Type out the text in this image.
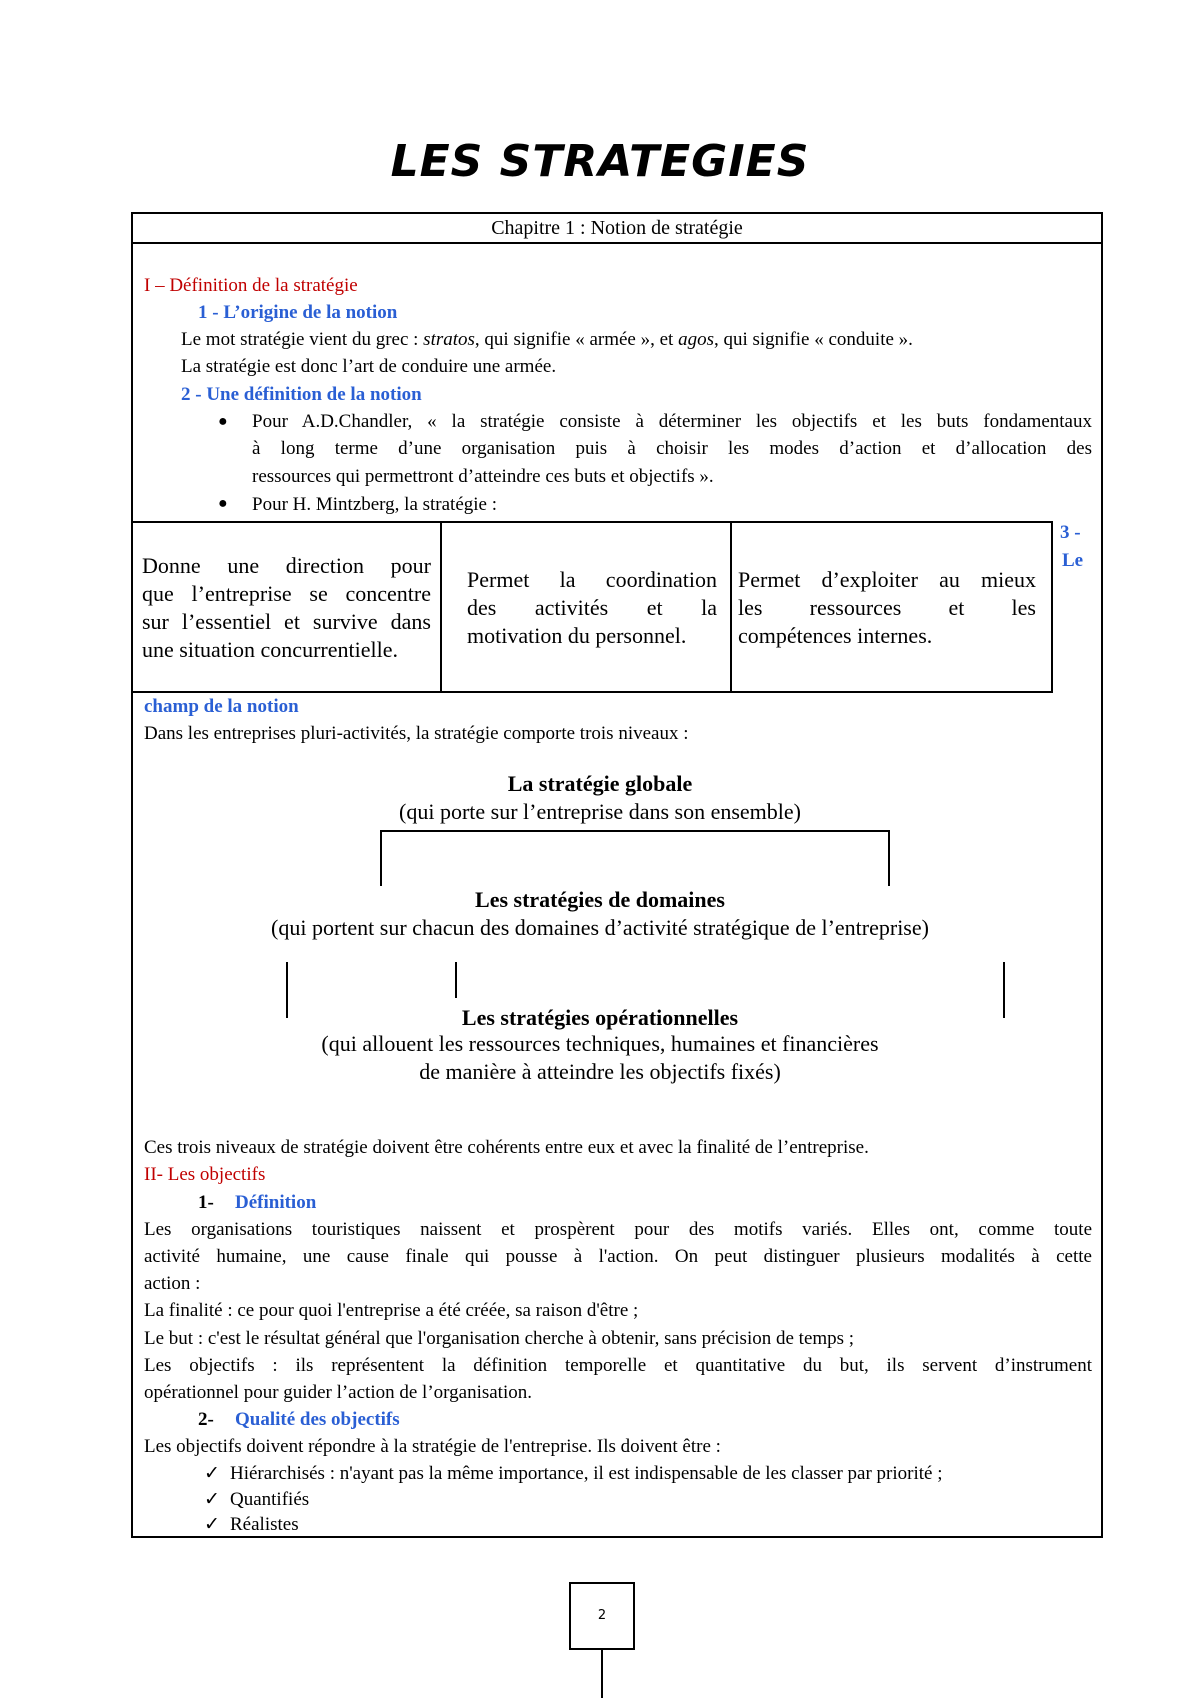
LES STRATEGIES
Chapitre 1 : Notion de stratégie
I – Définition de la stratégie
1 - L’origine de la notion
Le mot stratégie vient du grec : stratos, qui signifie « armée », et agos, qui signifie « conduite ».
La stratégie est donc l’art de conduire une armée.
2 - Une définition de la notion
● Pour A.D.Chandler, « la stratégie consiste à déterminer les objectifs et les buts fondamentaux
à long terme d’une organisation puis à choisir les modes d’action et d’allocation des
ressources qui permettront d’atteindre ces buts et objectifs ».
● Pour H. Mintzberg, la stratégie :
Donne une direction pour
que l’entreprise se concentre
sur l’essentiel et survive dans
une situation concurrentielle.
Permet la coordination
des activités et la
motivation du personnel.
Permet d’exploiter au mieux
les ressources et les
compétences internes.
3 -
Le
champ de la notion
Dans les entreprises pluri-activités, la stratégie comporte trois niveaux :
La stratégie globale
(qui porte sur l’entreprise dans son ensemble)
Les stratégies de domaines
(qui portent sur chacun des domaines d’activité stratégique de l’entreprise)
Les stratégies opérationnelles
(qui allouent les ressources techniques, humaines et financières
de manière à atteindre les objectifs fixés)
Ces trois niveaux de stratégie doivent être cohérents entre eux et avec la finalité de l’entreprise.
II- Les objectifs
1- Définition
Les organisations touristiques naissent et prospèrent pour des motifs variés. Elles ont, comme toute
activité humaine, une cause finale qui pousse à l'action. On peut distinguer plusieurs modalités à cette
action :
La finalité : ce pour quoi l'entreprise a été créée, sa raison d'être ;
Le but : c'est le résultat général que l'organisation cherche à obtenir, sans précision de temps ;
Les objectifs : ils représentent la définition temporelle et quantitative du but, ils servent d’instrument
opérationnel pour guider l’action de l’organisation.
2- Qualité des objectifs
Les objectifs doivent répondre à la stratégie de l'entreprise. Ils doivent être :
✓ Hiérarchisés : n'ayant pas la même importance, il est indispensable de les classer par priorité ;
✓ Quantifiés
✓ Réalistes
2
